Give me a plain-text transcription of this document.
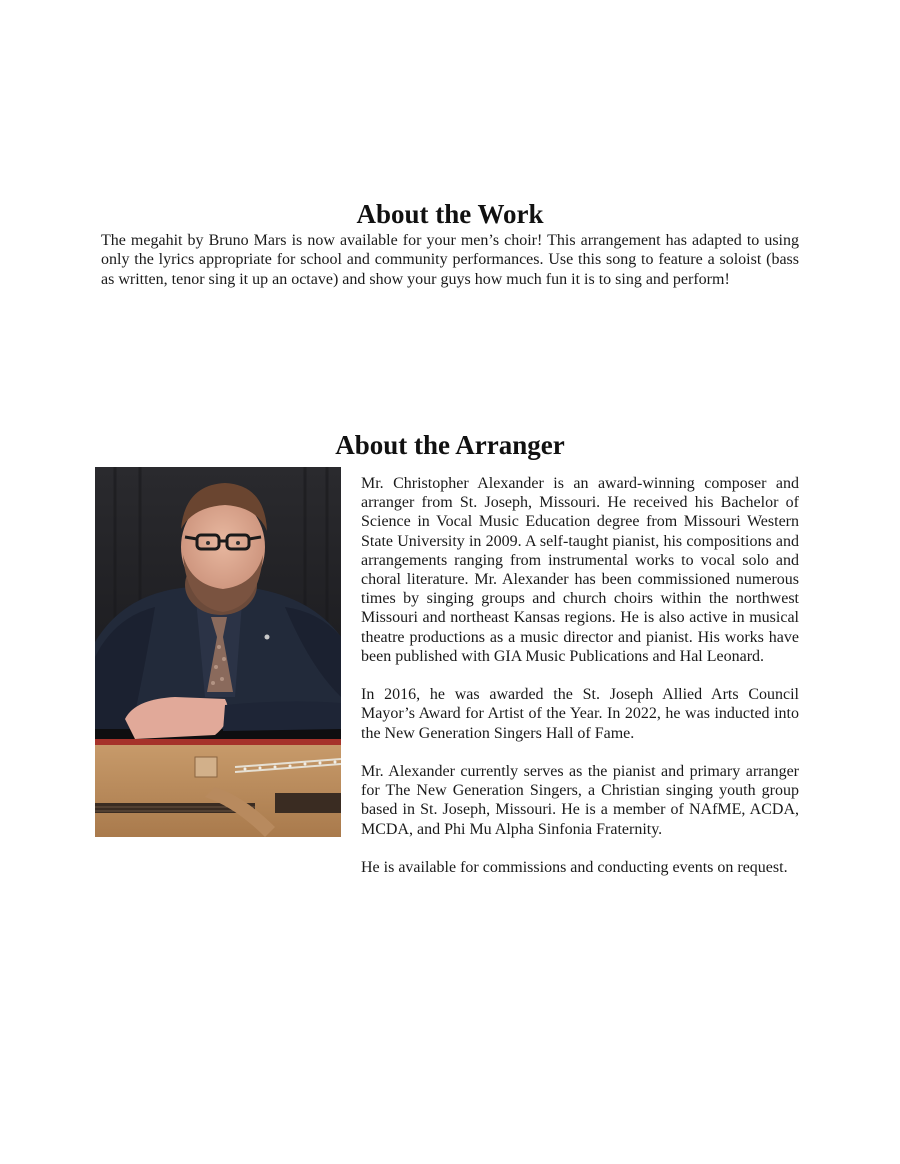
About the Work

The megahit by Bruno Mars is now available for your men’s choir! This arrangement has adapted to using only the lyrics appropriate for school and community performances. Use this song to feature a soloist (bass as written, tenor sing it up an octave) and show your guys how much fun it is to sing and perform!

About the Arranger

Mr. Christopher Alexander is an award-winning composer and arranger from St. Joseph, Missouri. He received his Bachelor of Science in Vocal Music Education degree from Missouri Western State University in 2009. A self-taught pianist, his compositions and arrangements ranging from instrumental works to vocal solo and choral literature. Mr. Alexander has been commissioned numerous times by singing groups and church choirs within the northwest Missouri and northeast Kansas regions. He is also active in musical theatre productions as a music director and pianist. His works have been published with GIA Music Publications and Hal Leonard.

In 2016, he was awarded the St. Joseph Allied Arts Council Mayor’s Award for Artist of the Year. In 2022, he was inducted into the New Generation Singers Hall of Fame.

Mr. Alexander currently serves as the pianist and primary arranger for The New Generation Singers, a Christian singing youth group based in St. Joseph, Missouri. He is a member of NAfME, ACDA, MCDA, and Phi Mu Alpha Sinfonia Fraternity.

He is available for commissions and conducting events on request.
